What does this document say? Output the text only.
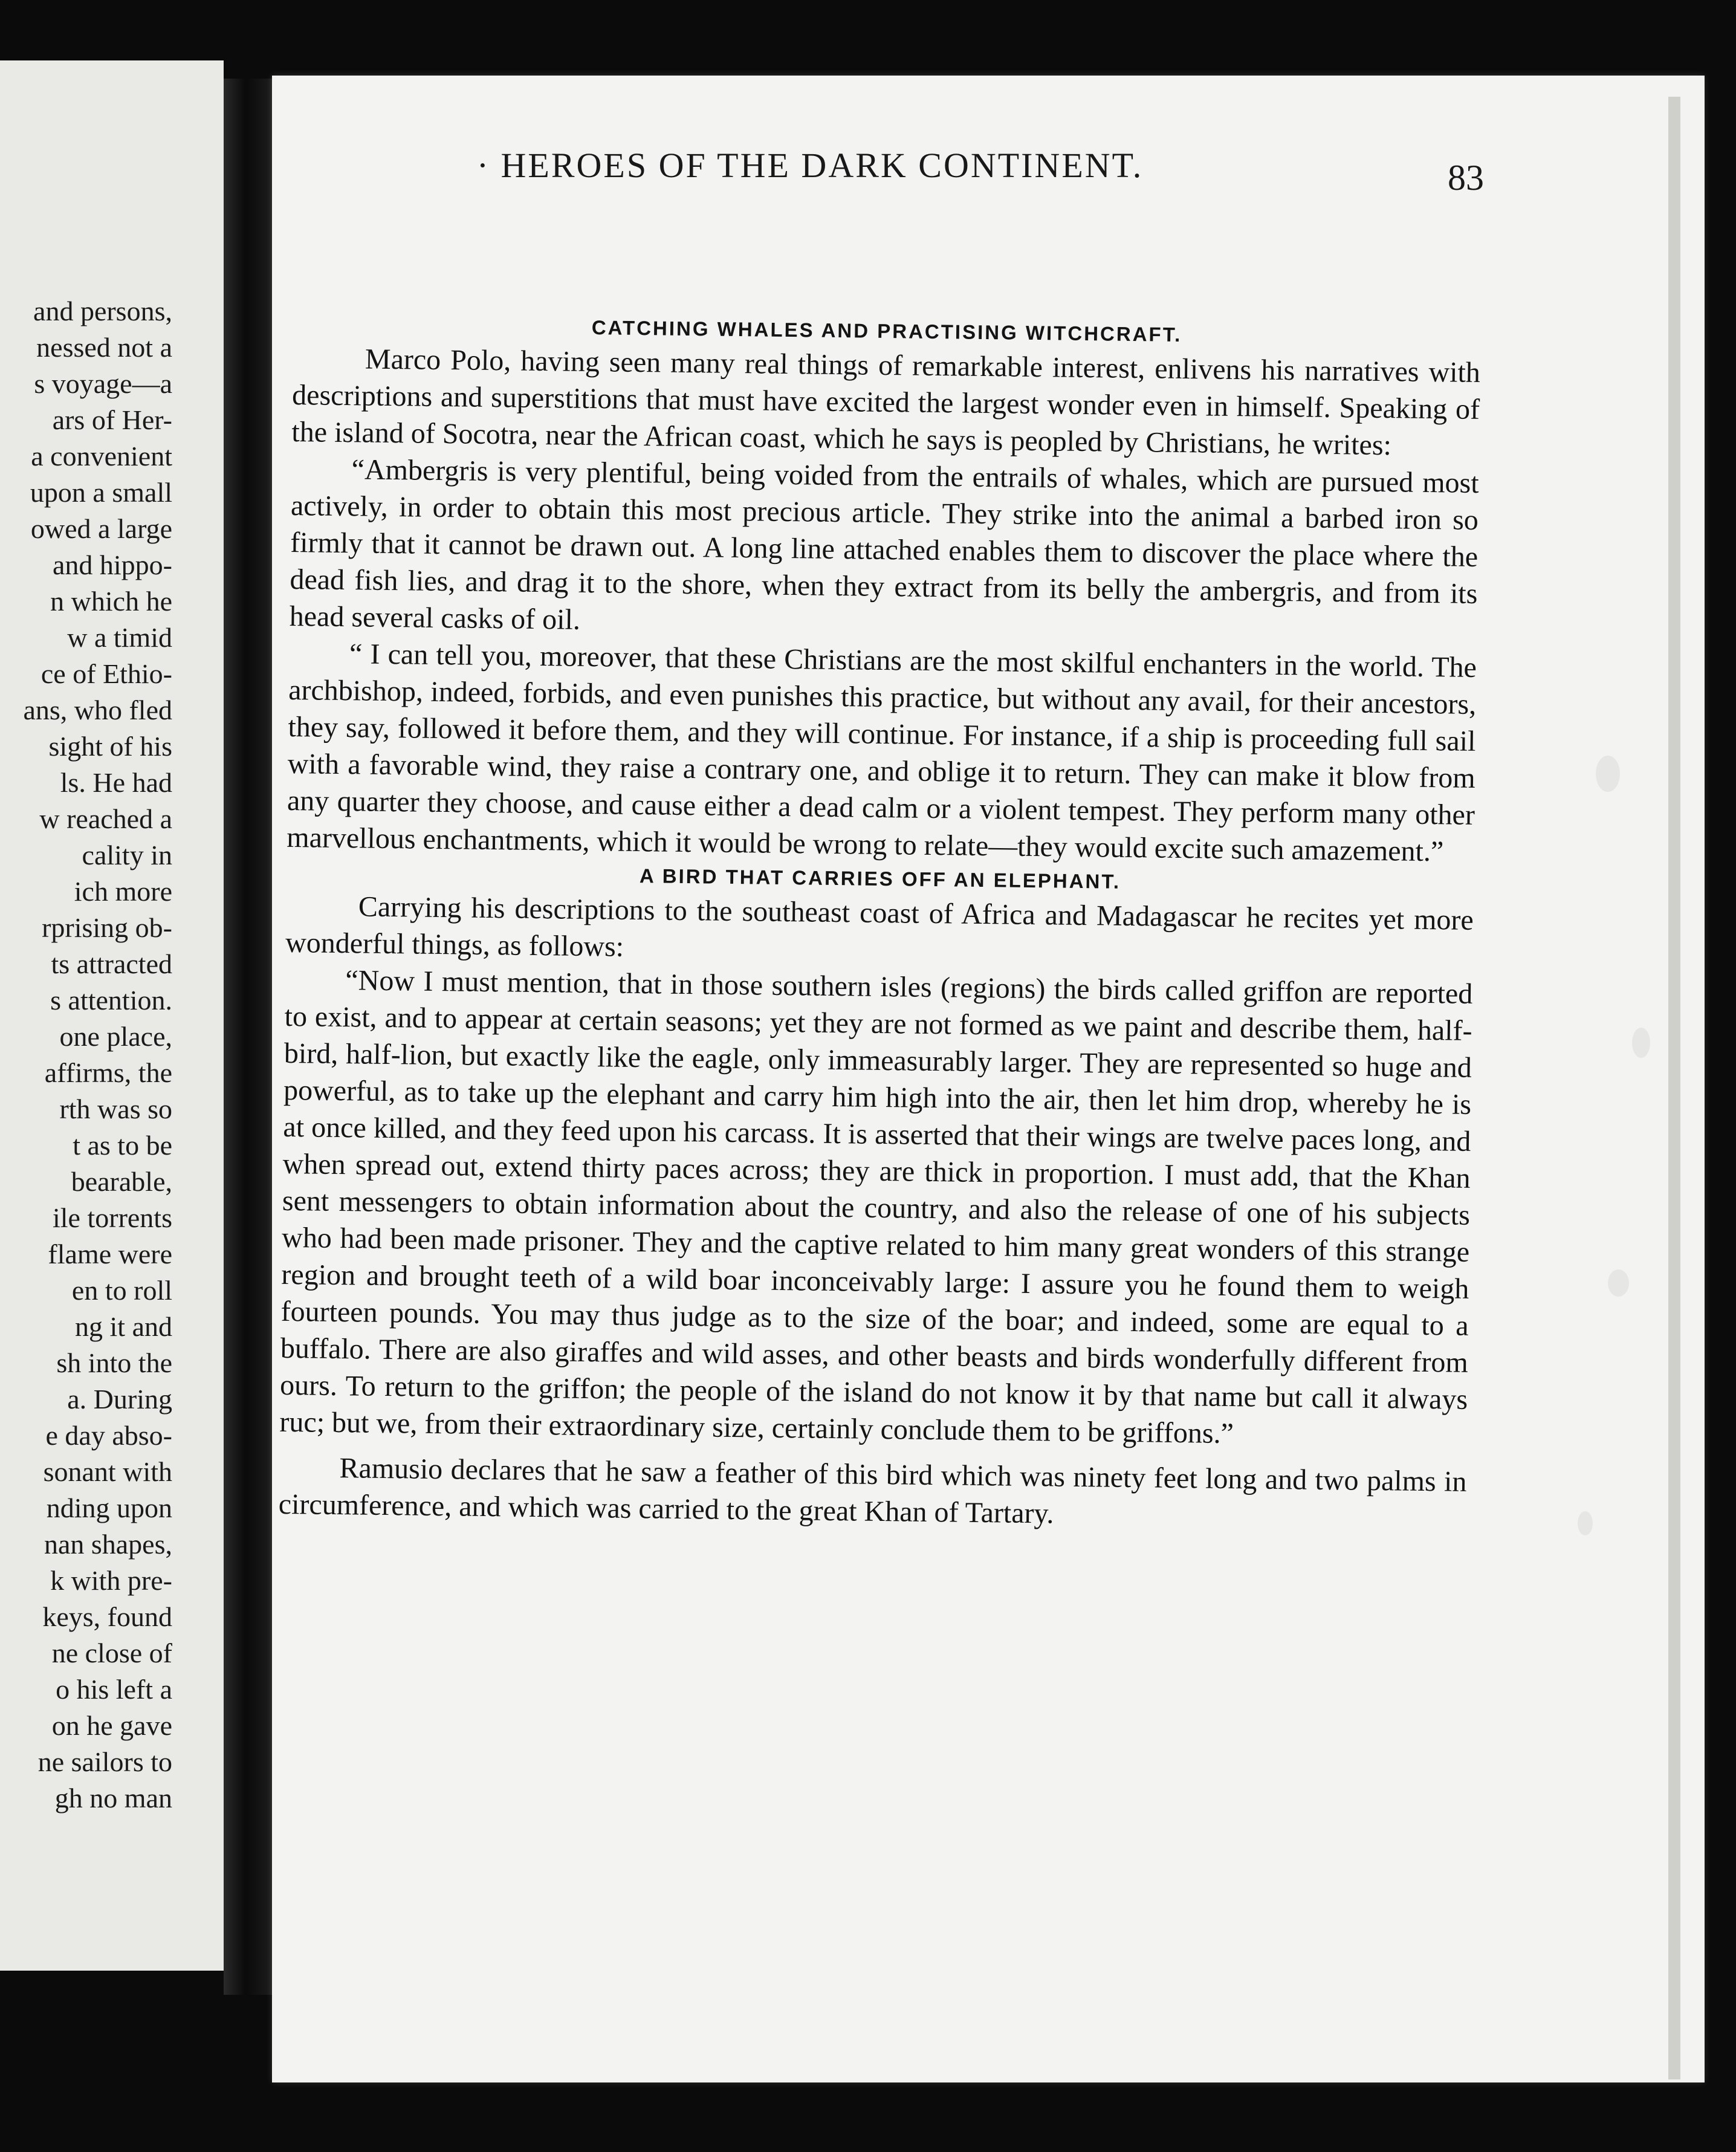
and persons,
nessed not a
s voyage—a
ars of Her-
a convenient
upon a small
owed a large
and hippo-
n which he
w a timid
ce of Ethio-
ans, who fled
sight of his
ls. He had
w reached a
cality in
ich more
rprising ob-
ts attracted
s attention.
one place,
affirms, the
rth was so
t as to be
bearable,
ile torrents
flame were
en to roll
ng it and
sh into the
a. During
e day abso-
sonant with
nding upon
nan shapes,
k with pre-
keys, found
ne close of
o his left a
on he gave
ne sailors to
gh no man
· HEROES OF THE DARK CONTINENT.	83

CATCHING WHALES AND PRACTISING WITCHCRAFT.

Marco Polo, having seen many real things of remarkable interest, enlivens his narratives with descriptions and superstitions that must have excited the largest wonder even in himself. Speaking of the island of Socotra, near the African coast, which he says is peopled by Christians, he writes:

“Ambergris is very plentiful, being voided from the entrails of whales, which are pursued most actively, in order to obtain this most precious article. They strike into the animal a barbed iron so firmly that it cannot be drawn out. A long line attached enables them to discover the place where the dead fish lies, and drag it to the shore, when they extract from its belly the ambergris, and from its head several casks of oil.

“ I can tell you, moreover, that these Christians are the most skilful enchanters in the world. The archbishop, indeed, forbids, and even punishes this practice, but without any avail, for their ancestors, they say, followed it before them, and they will continue. For instance, if a ship is proceeding full sail with a favorable wind, they raise a contrary one, and oblige it to return. They can make it blow from any quarter they choose, and cause either a dead calm or a violent tempest. They perform many other marvellous enchantments, which it would be wrong to relate—they would excite such amazement.”

A BIRD THAT CARRIES OFF AN ELEPHANT.

Carrying his descriptions to the southeast coast of Africa and Madagascar he recites yet more wonderful things, as follows:

“Now I must mention, that in those southern isles (regions) the birds called griffon are reported to exist, and to appear at certain seasons; yet they are not formed as we paint and describe them, half-bird, half-lion, but exactly like the eagle, only immeasurably larger. They are represented so huge and powerful, as to take up the elephant and carry him high into the air, then let him drop, whereby he is at once killed, and they feed upon his carcass. It is asserted that their wings are twelve paces long, and when spread out, extend thirty paces across; they are thick in proportion. I must add, that the Khan sent messengers to obtain information about the country, and also the release of one of his subjects who had been made prisoner. They and the captive related to him many great wonders of this strange region and brought teeth of a wild boar inconceivably large: I assure you he found them to weigh fourteen pounds. You may thus judge as to the size of the boar; and indeed, some are equal to a buffalo. There are also giraffes and wild asses, and other beasts and birds wonderfully different from ours. To return to the griffon; the people of the island do not know it by that name but call it always ruc; but we, from their extraordinary size, certainly conclude them to be griffons.”

Ramusio declares that he saw a feather of this bird which was ninety feet long and two palms in circumference, and which was carried to the great Khan of Tartary.
